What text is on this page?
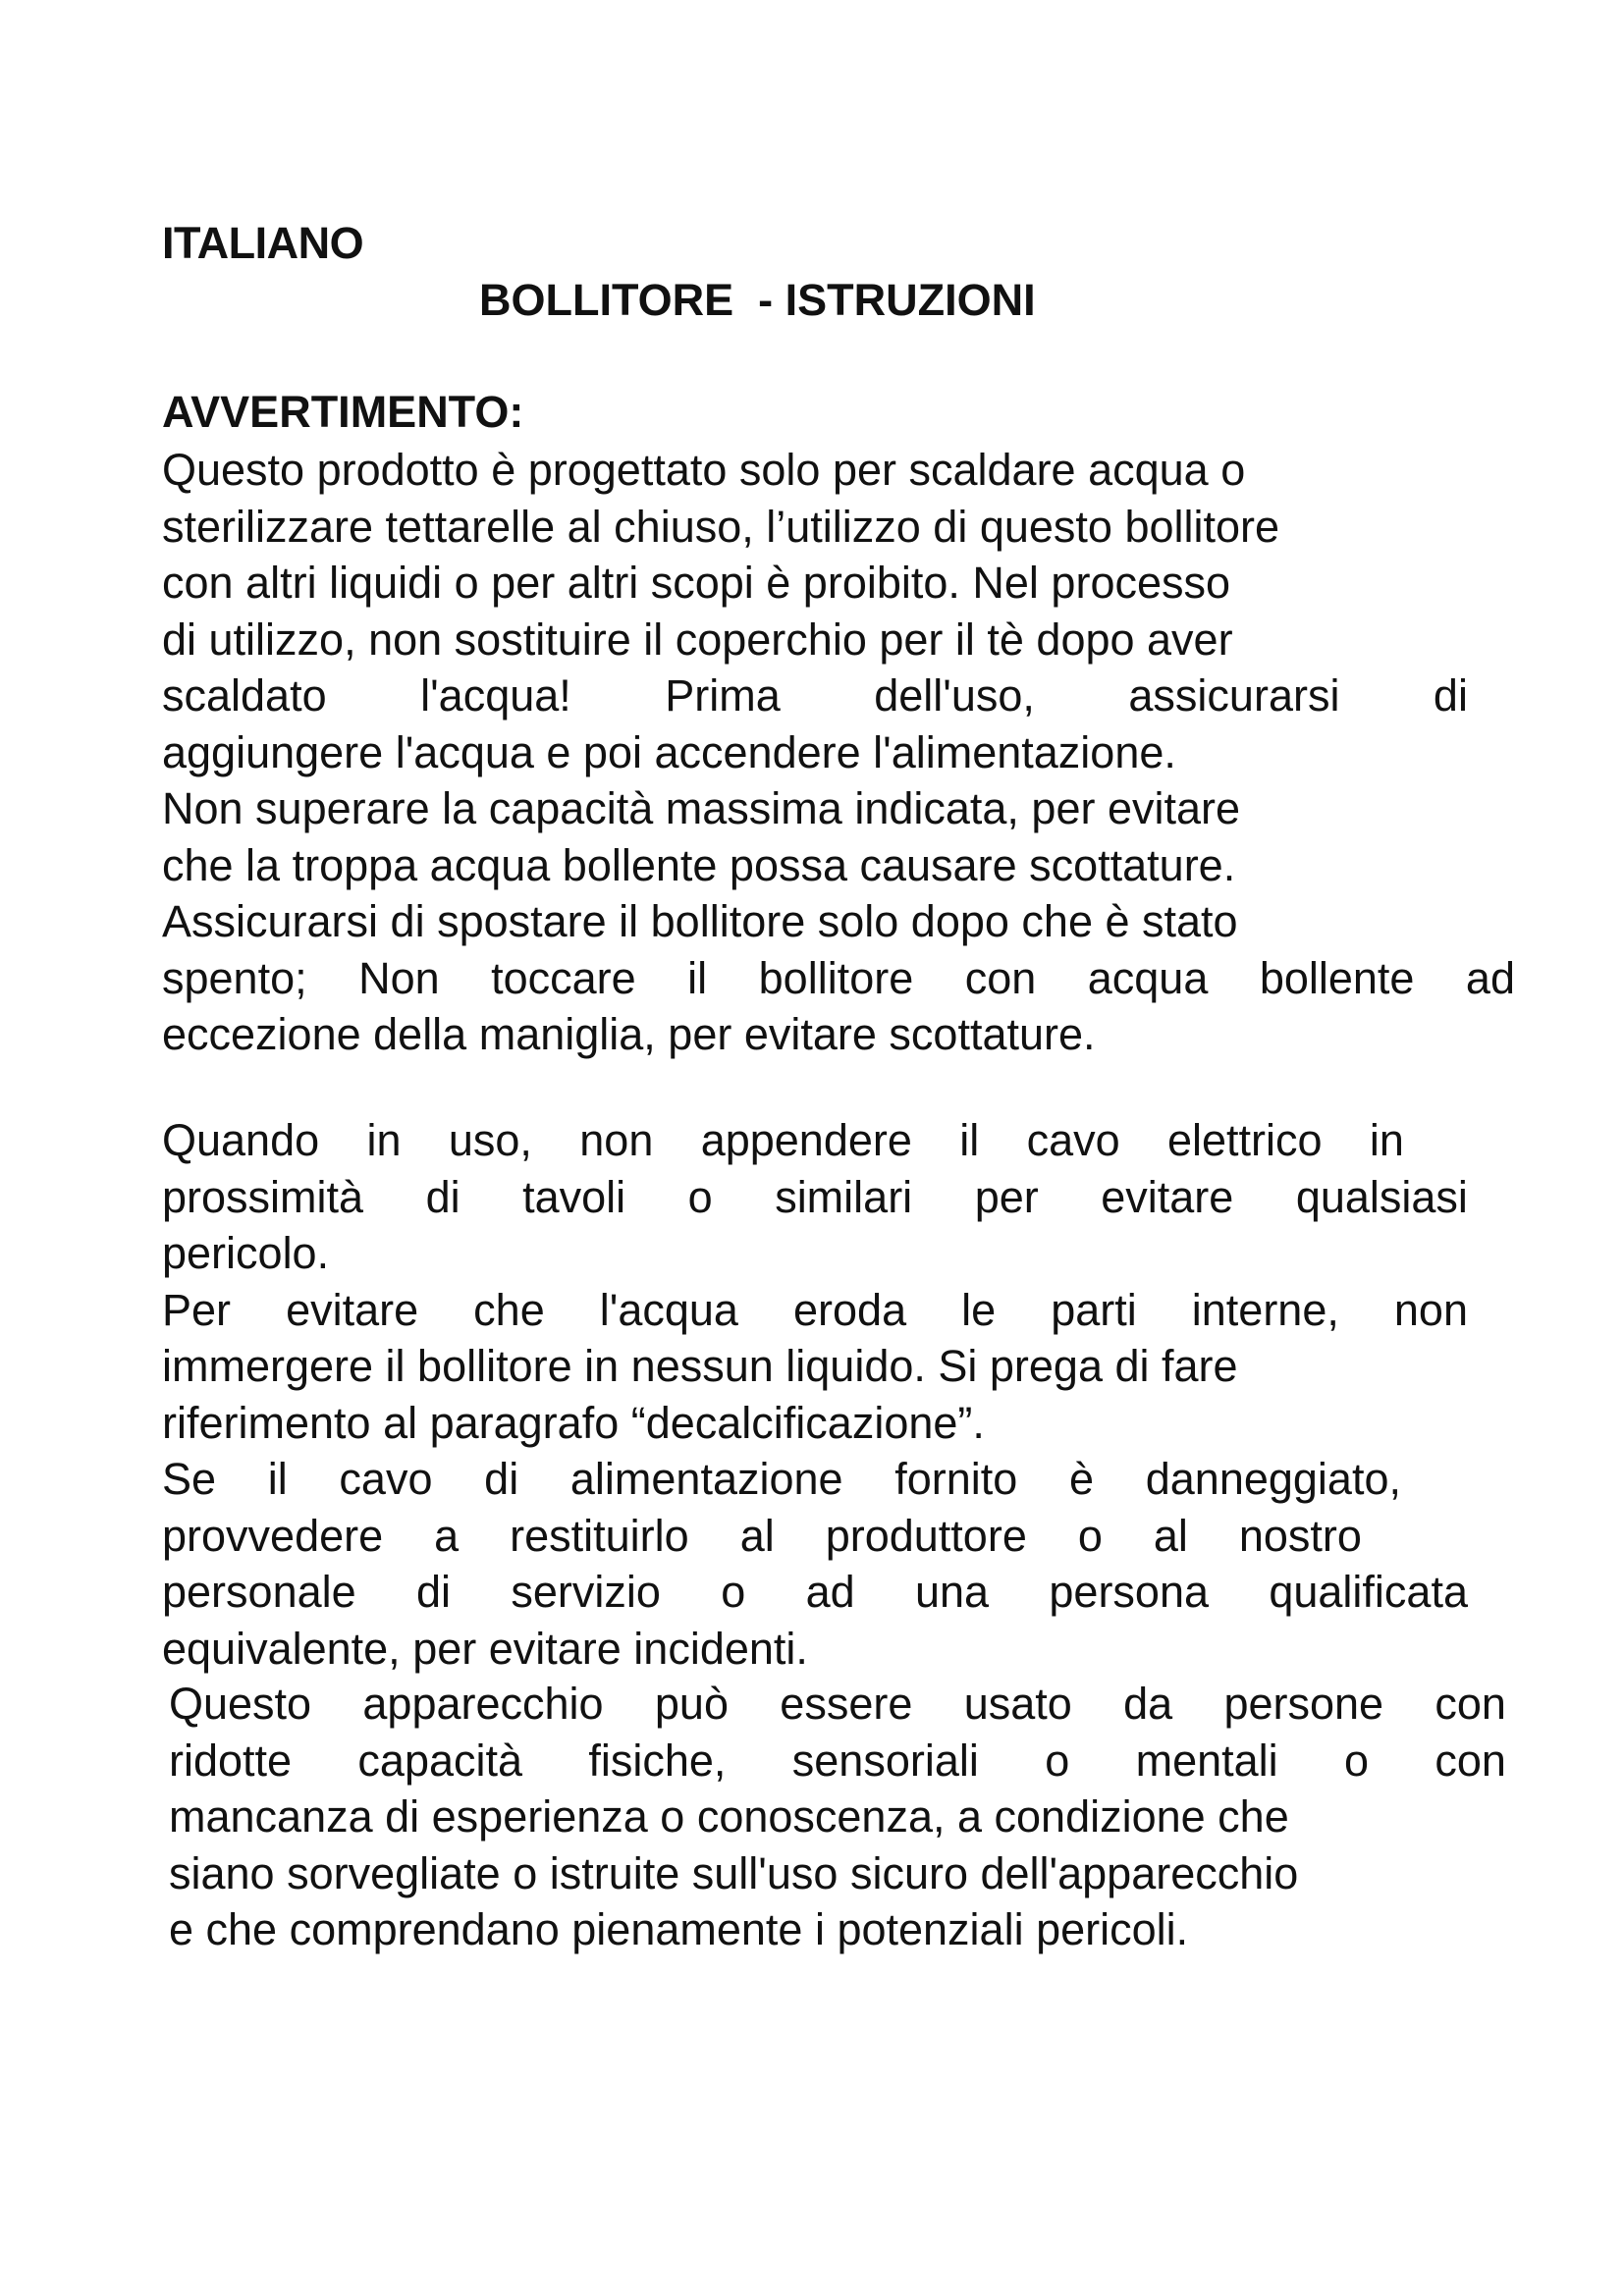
ITALIANO
BOLLITORE  - ISTRUZIONI
AVVERTIMENTO:
Questo prodotto è progettato solo per scaldare acqua o
sterilizzare tettarelle al chiuso, l’utilizzo di questo bollitore
con altri liquidi o per altri scopi è proibito. Nel processo
di utilizzo, non sostituire il coperchio per il tè dopo aver
scaldato l'acqua! Prima dell'uso, assicurarsi di
aggiungere l'acqua e poi accendere l'alimentazione.
Non superare la capacità massima indicata, per evitare
che la troppa acqua bollente possa causare scottature.
Assicurarsi di spostare il bollitore solo dopo che è stato
spento; Non toccare il bollitore con acqua bollente ad
eccezione della maniglia, per evitare scottature.
Quando in uso, non appendere il cavo elettrico in
prossimità di tavoli o similari per evitare qualsiasi
pericolo.
Per evitare che l'acqua eroda le parti interne, non
immergere il bollitore in nessun liquido. Si prega di fare
riferimento al paragrafo “decalcificazione”.
Se il cavo di alimentazione fornito è danneggiato,
provvedere a restituirlo al produttore o al nostro
personale di servizio o ad una persona qualificata
equivalente, per evitare incidenti.
Questo apparecchio può essere usato da persone con
ridotte capacità fisiche, sensoriali o mentali o con
mancanza di esperienza o conoscenza, a condizione che
siano sorvegliate o istruite sull'uso sicuro dell'apparecchio
e che comprendano pienamente i potenziali pericoli.
